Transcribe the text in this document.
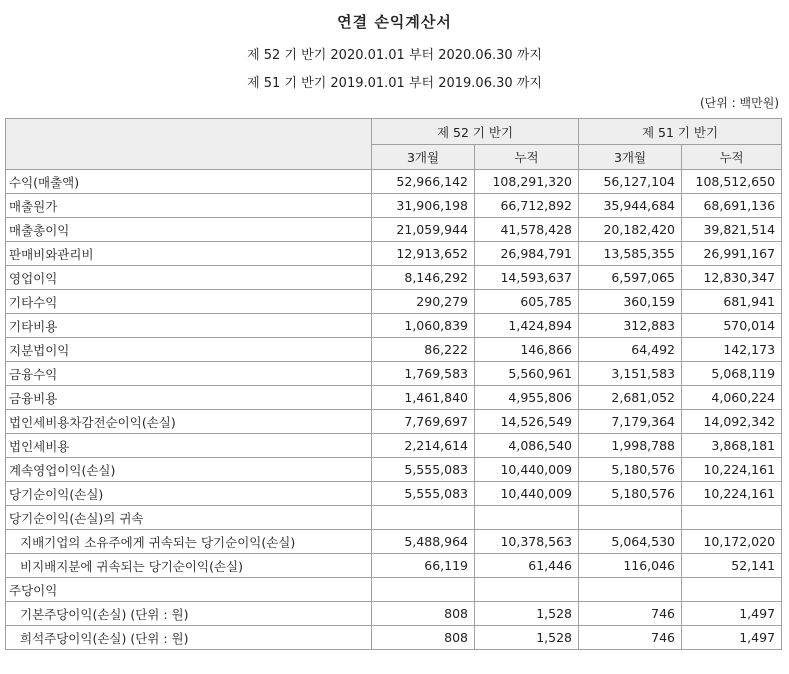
연결 손익계산서
제 52 기 반기 2020.01.01 부터 2020.06.30 까지
제 51 기 반기 2019.01.01 부터 2019.06.30 까지
(단위 : 백만원)
	제 52 기 반기		제 51 기 반기	
	3개월	누적	3개월	누적
수익(매출액)	52,966,142	108,291,320	56,127,104	108,512,650
매출원가	31,906,198	66,712,892	35,944,684	68,691,136
매출총이익	21,059,944	41,578,428	20,182,420	39,821,514
판매비와관리비	12,913,652	26,984,791	13,585,355	26,991,167
영업이익	8,146,292	14,593,637	6,597,065	12,830,347
기타수익	290,279	605,785	360,159	681,941
기타비용	1,060,839	1,424,894	312,883	570,014
지분법이익	86,222	146,866	64,492	142,173
금융수익	1,769,583	5,560,961	3,151,583	5,068,119
금융비용	1,461,840	4,955,806	2,681,052	4,060,224
법인세비용차감전순이익(손실)	7,769,697	14,526,549	7,179,364	14,092,342
법인세비용	2,214,614	4,086,540	1,998,788	3,868,181
계속영업이익(손실)	5,555,083	10,440,009	5,180,576	10,224,161
당기순이익(손실)	5,555,083	10,440,009	5,180,576	10,224,161
당기순이익(손실)의 귀속				
지배기업의 소유주에게 귀속되는 당기순이익(손실)	5,488,964	10,378,563	5,064,530	10,172,020
비지배지분에 귀속되는 당기순이익(손실)	66,119	61,446	116,046	52,141
주당이익				
기본주당이익(손실) (단위 : 원)	808	1,528	746	1,497
희석주당이익(손실) (단위 : 원)	808	1,528	746	1,497
